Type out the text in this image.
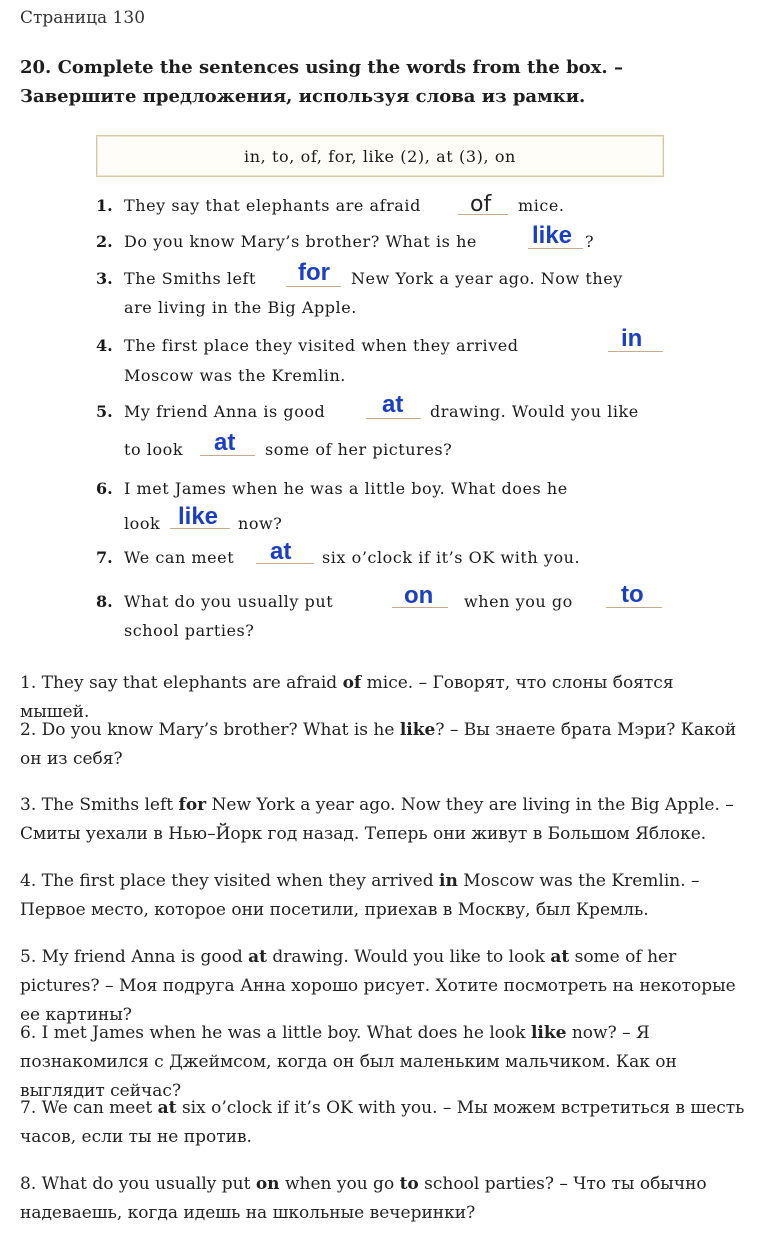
Страница 130
20. Complete the sentences using the words from the box. – Завершите предложения, используя слова из рамки.
in, to, of, for, like (2), at (3), on
1. They say that elephants are afraid of mice.
2. Do you know Mary’s brother? What is he like ?
3. The Smiths left for New York a year ago. Now they
are living in the Big Apple.
4. The first place they visited when they arrived	in
Moscow was the Kremlin.
5. My friend Anna is good at drawing. Would you like
to look at some of her pictures?
6. I met James when he was a little boy. What does he
look like now?
7. We can meet at six o’clock if it’s OK with you.
8. What do you usually put	on when you go to
school parties?
1. They say that elephants are afraid of mice. – Говорят, что слоны боятся мышей.
2. Do you know Mary’s brother? What is he like? – Вы знаете брата Мэри? Какой он из себя?
3. The Smiths left for New York a year ago. Now they are living in the Big Apple. – Смиты уехали в Нью–Йорк год назад. Теперь они живут в Большом Яблоке.
4. The first place they visited when they arrived in Moscow was the Kremlin. – Первое место, которое они посетили, приехав в Москву, был Кремль.
5. My friend Anna is good at drawing. Would you like to look at some of her pictures? – Моя подруга Анна хорошо рисует. Хотите посмотреть на некоторые ее картины?
6. I met James when he was a little boy. What does he look like now? – Я познакомился с Джеймсом, когда он был маленьким мальчиком. Как он выглядит сейчас?
7. We can meet at six o’clock if it’s OK with you. – Мы можем встретиться в шесть часов, если ты не против.
8. What do you usually put on when you go to school parties? – Что ты обычно надеваешь, когда идешь на школьные вечеринки?
